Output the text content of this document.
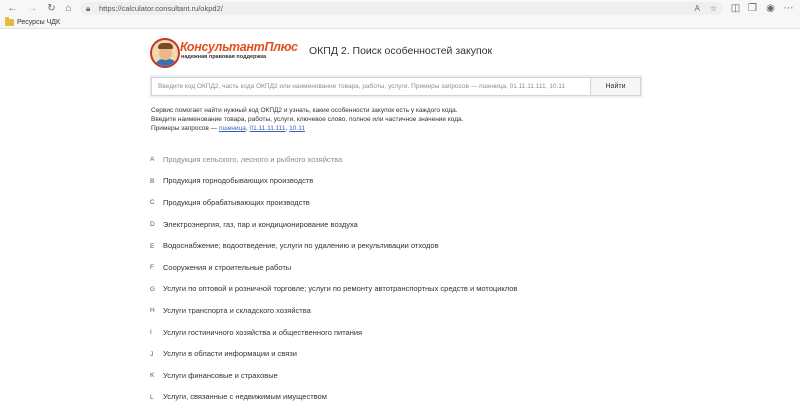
← → ↻ ⌂	🔒︎ https://calculator.consultant.ru/okpd2/	A ☆ ◫ ❐ ◉ ⋯
Ресурсы ЧДК
КонсультантПлюс
надежная правовая поддержка	ОКПД 2. Поиск особенностей закупок
Введите код ОКПД2, часть кода ОКПД2 или наименование товара, работы, услуги. Примеры запросов — пшеница, 01.11.11.111, 10.11
Найти
Сервис помогает найти нужный код ОКПД2 и узнать, какие особенности закупок есть у каждого кода.
Введите наименование товара, работы, услуги, ключевое слово, полное или частичное значение кода.
Примеры запросов — пшеница, 01.11.11.111, 10.11
A	Продукция сельского, лесного и рыбного хозяйства
B	Продукция горнодобывающих производств
C	Продукция обрабатывающих производств
D	Электроэнергия, газ, пар и кондиционирование воздуха
E	Водоснабжение; водоотведение, услуги по удалению и рекультивации отходов
F	Сооружения и строительные работы
G	Услуги по оптовой и розничной торговле; услуги по ремонту автотранспортных средств и мотоциклов
H	Услуги транспорта и складского хозяйства
I	Услуги гостиничного хозяйства и общественного питания
J	Услуги в области информации и связи
K	Услуги финансовые и страховые
L	Услуги, связанные с недвижимым имуществом
